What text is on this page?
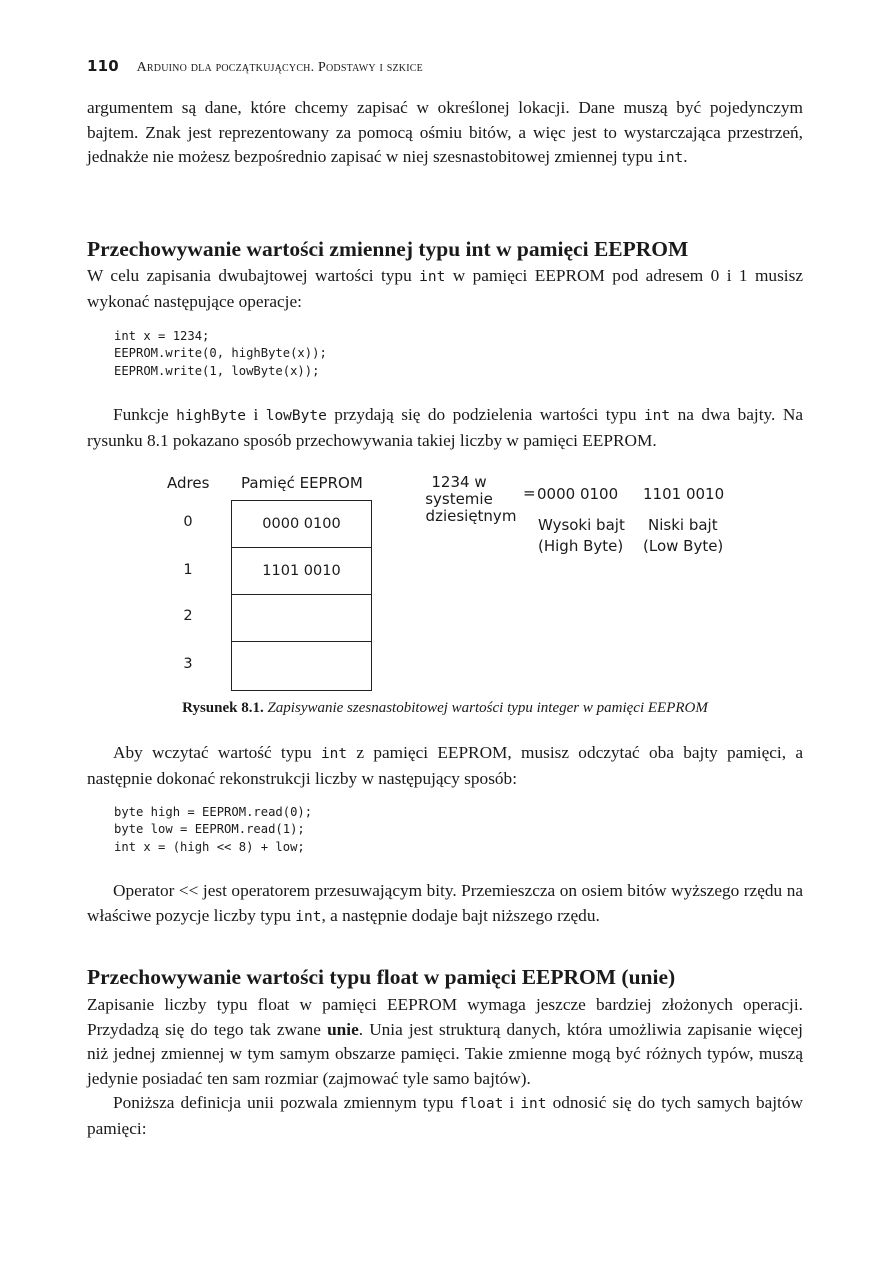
110 Arduino dla początkujących. Podstawy i szkice

argumentem są dane, które chcemy zapisać w określonej lokacji. Dane muszą być pojedynczym bajtem. Znak jest reprezentowany za pomocą ośmiu bitów, a więc jest to wystarczająca przestrzeń, jednakże nie możesz bezpośrednio zapisać w niej szesnastobitowej zmiennej typu int.

Przechowywanie wartości zmiennej typu int w pamięci EEPROM

W celu zapisania dwubajtowej wartości typu int w pamięci EEPROM pod adresem 0 i 1 musisz wykonać następujące operacje:

int x = 1234;
EEPROM.write(0, highByte(x));
EEPROM.write(1, lowByte(x));

Funkcje highByte i lowByte przydają się do podzielenia wartości typu int na dwa bajty. Na rysunku 8.1 pokazano sposób przechowywania takiej liczby w pamięci EEPROM.

Adres Pamięć EEPROM	1234 w systemie
dziesiętnym
= 0000 0100 1101 0010
Wysoki bajt
(High Byte)
Niski bajt
(Low Byte)
0
1
2
3
0000 0100
1101 0010
Rysunek 8.1. Zapisywanie szesnastobitowej wartości typu integer w pamięci EEPROM

Aby wczytać wartość typu int z pamięci EEPROM, musisz odczytać oba bajty pamięci, a następnie dokonać rekonstrukcji liczby w następujący sposób:

byte high = EEPROM.read(0);
byte low = EEPROM.read(1);
int x = (high << 8) + low;

Operator << jest operatorem przesuwającym bity. Przemieszcza on osiem bitów wyższego rzędu na właściwe pozycje liczby typu int, a następnie dodaje bajt niższego rzędu.

Przechowywanie wartości typu float w pamięci EEPROM (unie)

Zapisanie liczby typu float w pamięci EEPROM wymaga jeszcze bardziej złożonych operacji. Przydadzą się do tego tak zwane unie. Unia jest strukturą danych, która umożliwia zapisanie więcej niż jednej zmiennej w tym samym obszarze pamięci. Takie zmienne mogą być różnych typów, muszą jedynie posiadać ten sam rozmiar (zajmować tyle samo bajtów).

Poniższa definicja unii pozwala zmiennym typu float i int odnosić się do tych samych bajtów pamięci:
